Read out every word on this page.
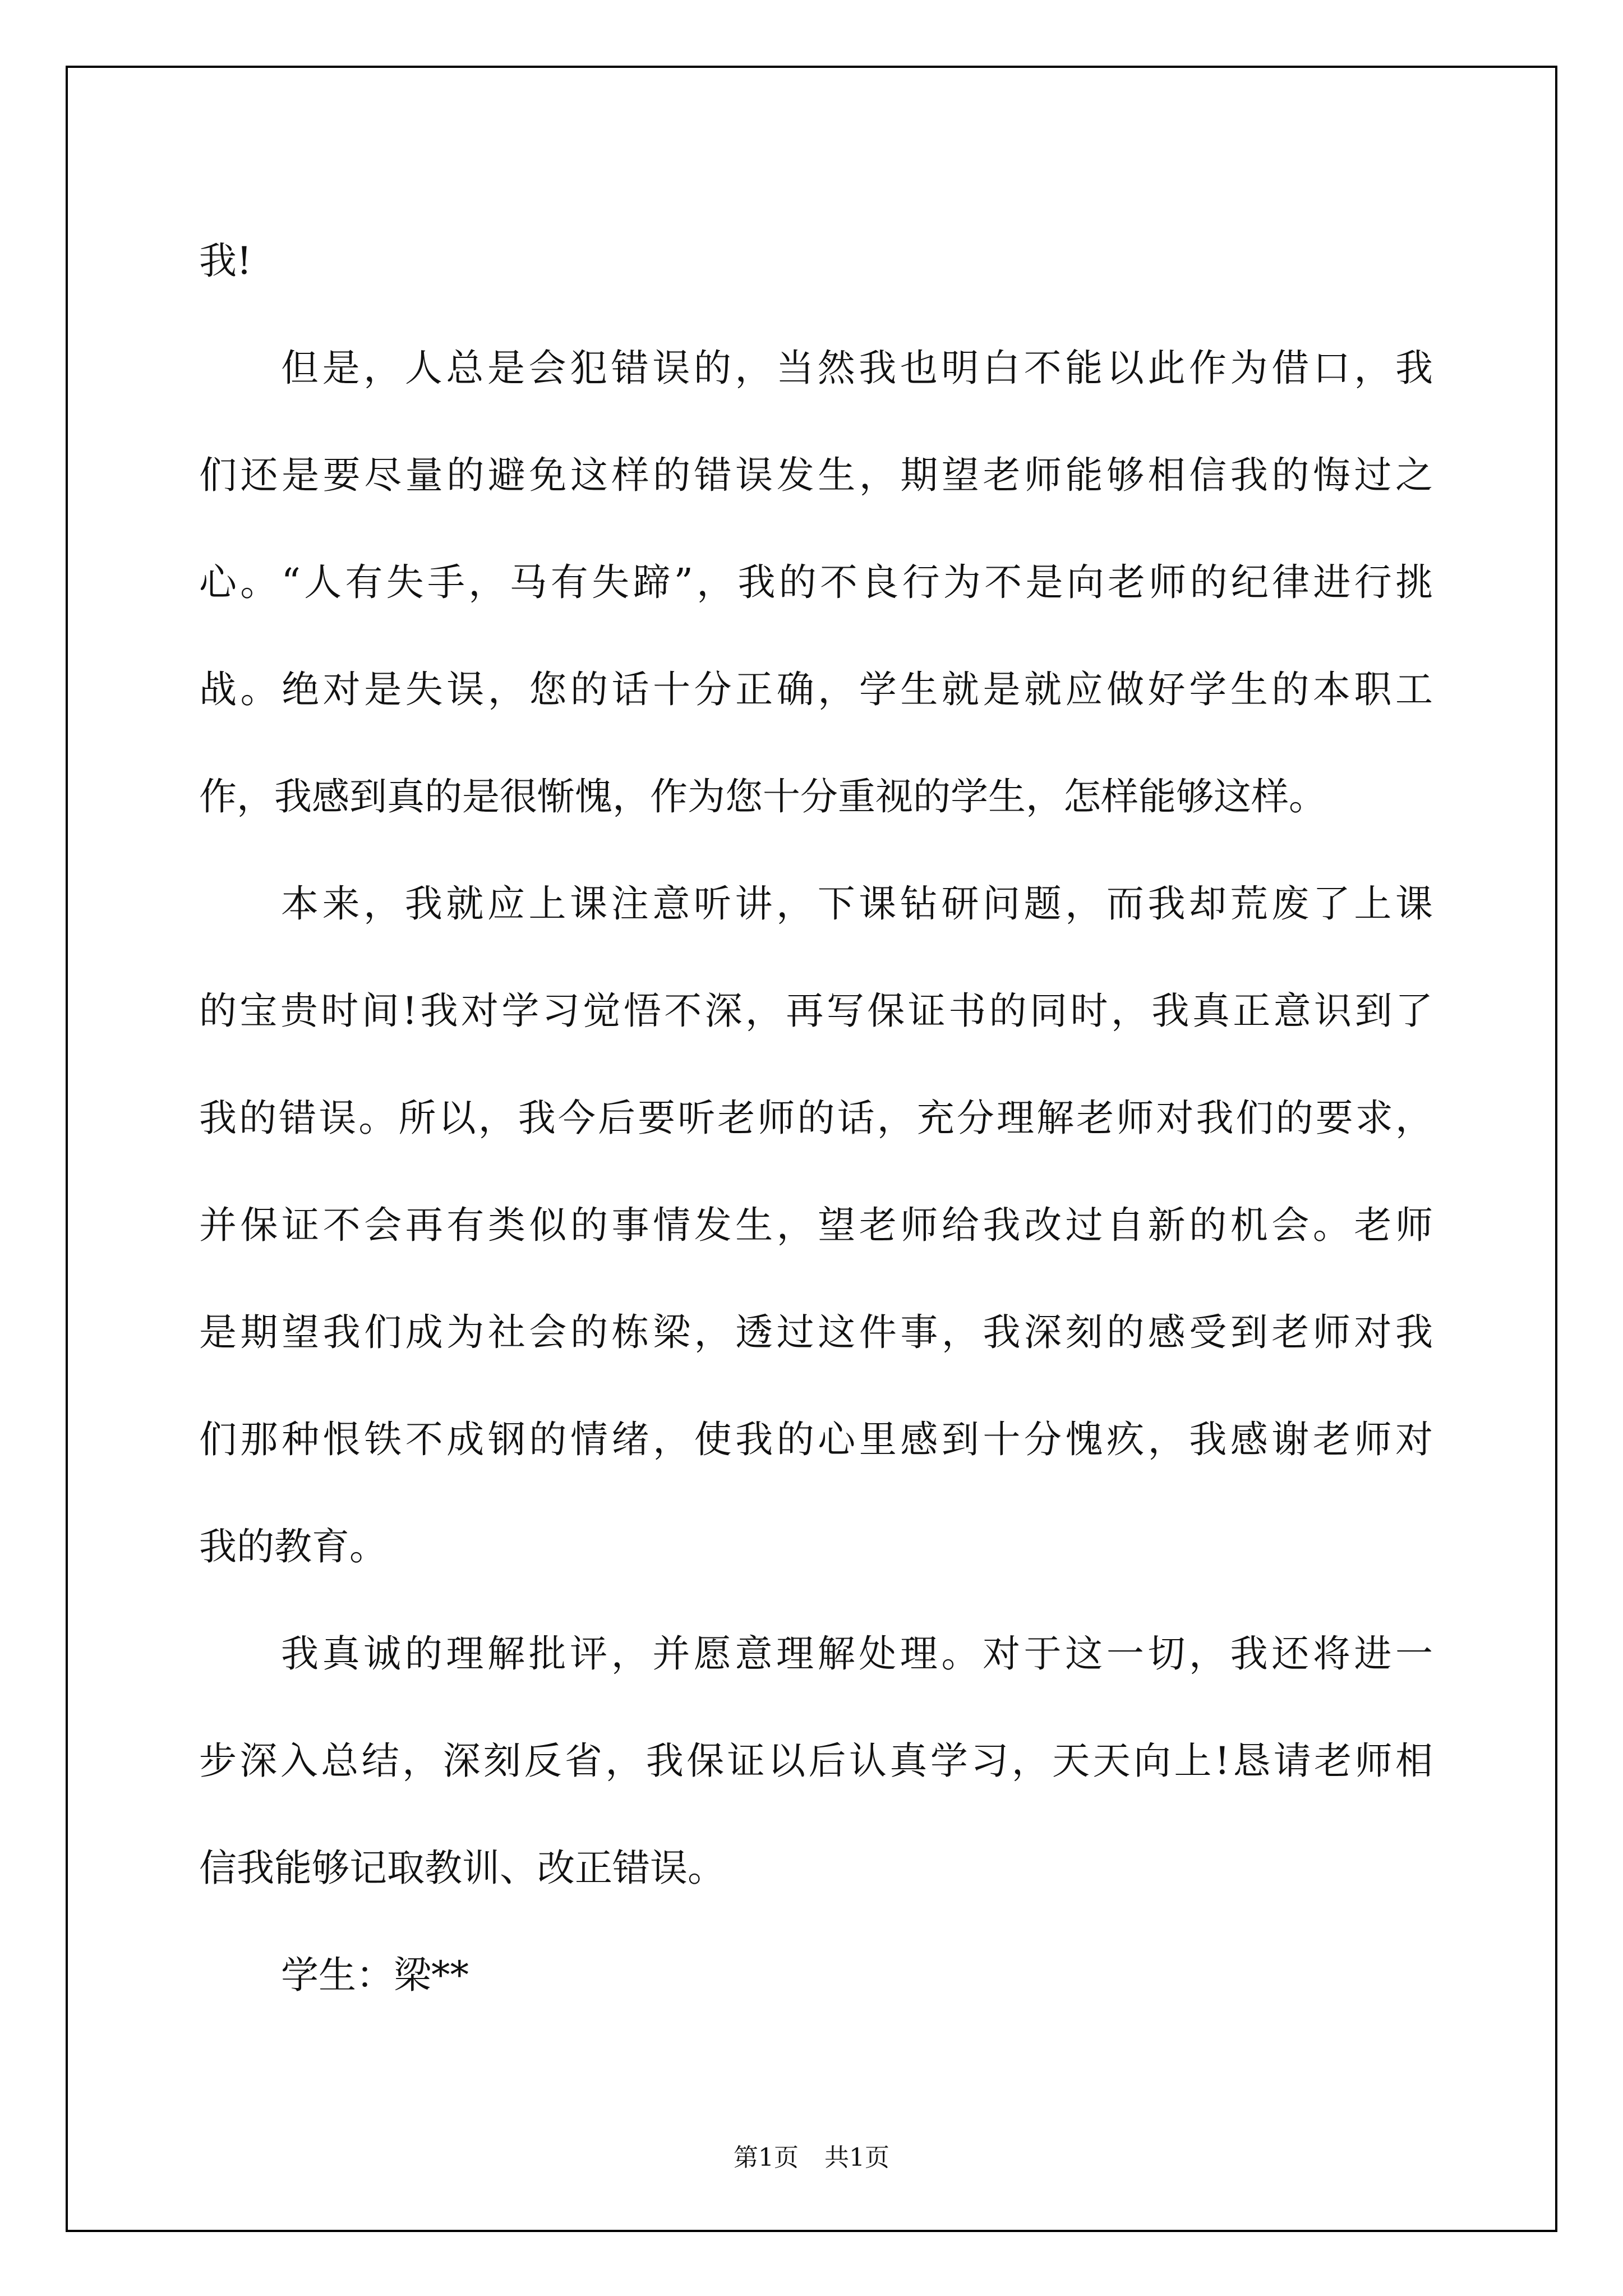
我!
但是，人总是会犯错误的，当然我也明白不能以此作为借口，我
们还是要尽量的避免这样的错误发生，期望老师能够相信我的悔过之
心。“人有失手，马有失蹄”，我的不良行为不是向老师的纪律进行挑
战。绝对是失误，您的话十分正确，学生就是就应做好学生的本职工
作，我感到真的是很惭愧，作为您十分重视的学生，怎样能够这样。
本来，我就应上课注意听讲，下课钻研问题，而我却荒废了上课
的宝贵时间!我对学习觉悟不深，再写保证书的同时，我真正意识到了
我的错误。所以，我今后要听老师的话，充分理解老师对我们的要求，
并保证不会再有类似的事情发生，望老师给我改过自新的机会。老师
是期望我们成为社会的栋梁，透过这件事，我深刻的感受到老师对我
们那种恨铁不成钢的情绪，使我的心里感到十分愧疚，我感谢老师对
我的教育。
我真诚的理解批评，并愿意理解处理。对于这一切，我还将进一
步深入总结，深刻反省，我保证以后认真学习，天天向上!恳请老师相
信我能够记取教训、改正错误。
学生：梁**
第1页 共1页
